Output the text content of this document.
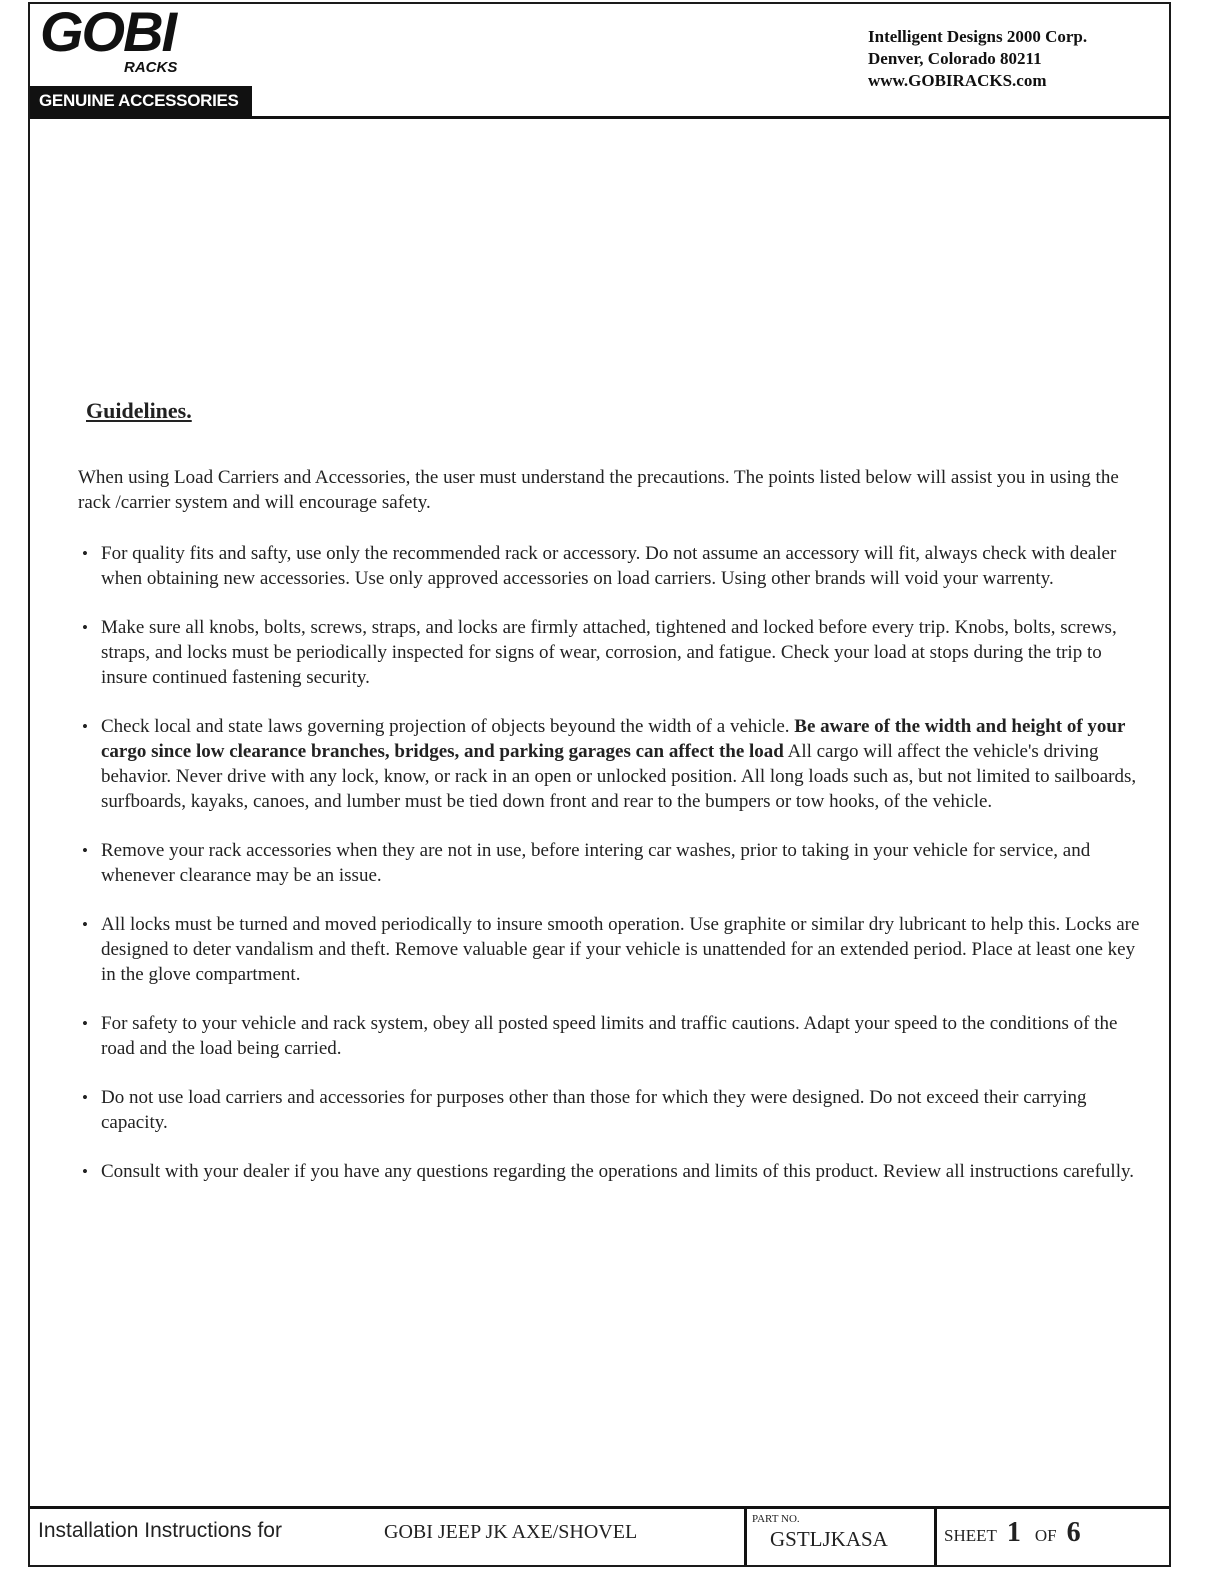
GOBI
RACKS
GENUINE ACCESSORIES
Intelligent Designs 2000 Corp.
Denver, Colorado 80211
www.GOBIRACKS.com
Guidelines.
When using Load Carriers and Accessories, the user must understand the precautions. The points listed below will assist you in using the rack /carrier system and will encourage safety.
• For quality fits and safty, use only the recommended rack or accessory. Do not assume an accessory will fit, always check with dealer when obtaining new accessories. Use only approved accessories on load carriers. Using other brands will void your warrenty.
• Make sure all knobs, bolts, screws, straps, and locks are firmly attached, tightened and locked before every trip. Knobs, bolts, screws, straps, and locks must be periodically inspected for signs of wear, corrosion, and fatigue. Check your load at stops during the trip to insure continued fastening security.
• Check local and state laws governing projection of objects beyound the width of a vehicle. Be aware of the width and height of your cargo since low clearance branches, bridges, and parking garages can affect the load All cargo will affect the vehicle's driving behavior. Never drive with any lock, know, or rack in an open or unlocked position. All long loads such as, but not limited to sailboards, surfboards, kayaks, canoes, and lumber must be tied down front and rear to the bumpers or tow hooks, of the vehicle.
• Remove your rack accessories when they are not in use, before intering car washes, prior to taking in your vehicle for service, and whenever clearance may be an issue.
• All locks must be turned and moved periodically to insure smooth operation. Use graphite or similar dry lubricant to help this. Locks are designed to deter vandalism and theft. Remove valuable gear if your vehicle is unattended for an extended period. Place at least one key in the glove compartment.
• For safety to your vehicle and rack system, obey all posted speed limits and traffic cautions. Adapt your speed to the conditions of the road and the load being carried.
• Do not use load carriers and accessories for purposes other than those for which they were designed. Do not exceed their carrying capacity.
• Consult with your dealer if you have any questions regarding the operations and limits of this product. Review all instructions carefully.
Installation Instructions for	GOBI JEEP JK AXE/SHOVEL
PART NO.
GSTLJKASA	SHEET 1 OF 6
